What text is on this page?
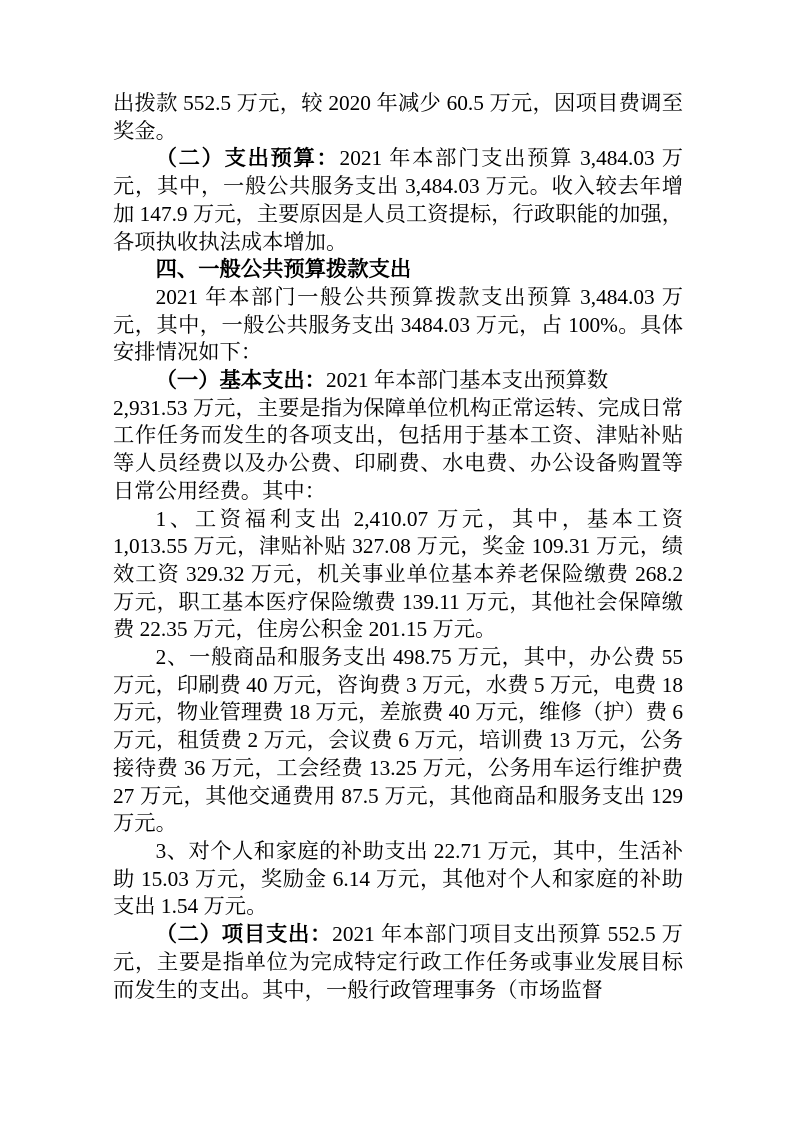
出拨款 552.5 万元，较 2020 年减少 60.5 万元，因项目费调至奖金。

（二）支出预算：2021 年本部门支出预算 3,484.03 万元，其中，一般公共服务支出 3,484.03 万元。收入较去年增加 147.9 万元，主要原因是人员工资提标，行政职能的加强，各项执收执法成本增加。

四、一般公共预算拨款支出

2021 年本部门一般公共预算拨款支出预算 3,484.03 万元，其中，一般公共服务支出 3484.03 万元，占 100%。具体安排情况如下：

（一）基本支出：2021 年本部门基本支出预算数
2,931.53 万元，主要是指为保障单位机构正常运转、完成日常工作任务而发生的各项支出，包括用于基本工资、津贴补贴等人员经费以及办公费、印刷费、水电费、办公设备购置等日常公用经费。其中：

1、工资福利支出 2,410.07 万元，其中，基本工资 1,013.55 万元，津贴补贴 327.08 万元，奖金 109.31 万元，绩效工资 329.32 万元，机关事业单位基本养老保险缴费 268.2 万元，职工基本医疗保险缴费 139.11 万元，其他社会保障缴费 22.35 万元，住房公积金 201.15 万元。

2、一般商品和服务支出 498.75 万元，其中，办公费 55 万元，印刷费 40 万元，咨询费 3 万元，水费 5 万元，电费 18 万元，物业管理费 18 万元，差旅费 40 万元，维修（护）费 6 万元，租赁费 2 万元，会议费 6 万元，培训费 13 万元，公务接待费 36 万元，工会经费 13.25 万元，公务用车运行维护费 27 万元，其他交通费用 87.5 万元，其他商品和服务支出 129 万元。

3、对个人和家庭的补助支出 22.71 万元，其中，生活补助 15.03 万元，奖励金 6.14 万元，其他对个人和家庭的补助支出 1.54 万元。

（二）项目支出：2021 年本部门项目支出预算 552.5 万元，主要是指单位为完成特定行政工作任务或事业发展目标而发生的支出。其中，一般行政管理事务（市场监督
